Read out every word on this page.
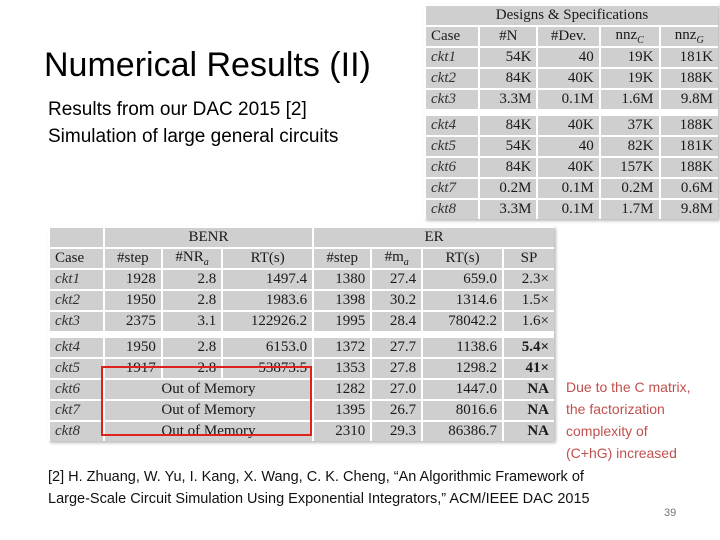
Numerical Results (II)
Results from our DAC 2015 [2]
Simulation of large general circuits
Designs & Specifications				
Case	#N	#Dev.	nnz$_C$	nnz$_G$
ckt1	54K	40	19K	181K
ckt2	84K	40K	19K	188K
ckt3	3.3M	0.1M	1.6M	9.8M

ckt4	84K	40K	37K	188K
ckt5	54K	40	82K	181K
ckt6	84K	40K	157K	188K
ckt7	0.2M	0.1M	0.2M	0.6M
ckt8	3.3M	0.1M	1.7M	9.8M
	BENR			ER			
Case	#step	$\#NR_a$	RT(s)	#step	$\#m_a$	RT(s)	SP
ckt1	1928	2.8	1497.4	1380	27.4	659.0	2.3×
ckt2	1950	2.8	1983.6	1398	30.2	1314.6	1.5×
ckt3	2375	3.1	122926.2	1995	28.4	78042.2	1.6×

ckt4	1950	2.8	6153.0	1372	27.7	1138.6	5.4×
ckt5	1917	2.8	53873.5	1353	27.8	1298.2	41×
ckt6	Out of Memory			1282	27.0	1447.0	NA
ckt7	Out of Memory			1395	26.7	8016.6	NA
ckt8	Out of Memory			2310	29.3	86386.7	NA
Due to the C matrix,
the factorization
complexity of
(C+hG) increased
[2] H. Zhuang, W. Yu, I. Kang, X. Wang, C. K. Cheng, “An Algorithmic Framework of
Large-Scale Circuit Simulation Using Exponential Integrators,” ACM/IEEE DAC 2015
39
